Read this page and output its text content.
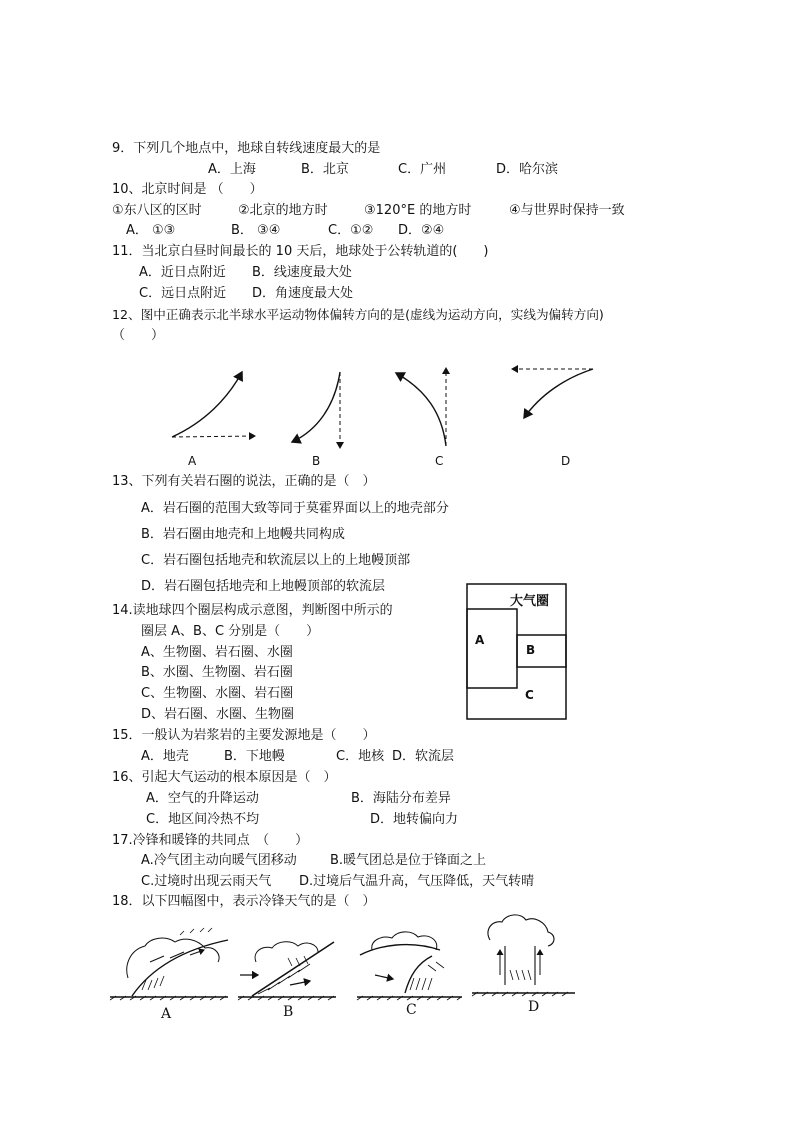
9．下列几个地点中，地球自转线速度最大的是
A．上海	B．北京	C．广州	D．哈尔滨
10、北京时间是 （　　）
①东八区的区时	②北京的地方时	③120°E 的地方时	④与世界时保持一致
A． ①③	B． ③④	C．①② D．②④
11．当北京白昼时间最长的 10 天后，地球处于公转轨道的(　　)
A．近日点附近 B．线速度最大处
C．远日点附近 D．角速度最大处
12、图中正确表示北半球水平运动物体偏转方向的是(虚线为运动方向，实线为偏转方向)
（　　）
A	B	C	D
13、下列有关岩石圈的说法，正确的是（　）
A．岩石圈的范围大致等同于莫霍界面以上的地壳部分
B．岩石圈由地壳和上地幔共同构成
C．岩石圈包括地壳和软流层以上的上地幔顶部
D．岩石圈包括地壳和上地幔顶部的软流层
14.读地球四个圈层构成示意图，判断图中所示的
圈层 A、B、C 分别是（　　）
A、生物圈、岩石圈、水圈
B、水圈、生物圈、岩石圈
C、生物圈、水圈、岩石圈
D、岩石圈、水圈、生物圈
大气圈
A
B
C
15．一般认为岩浆岩的主要发源地是（　　）
A．地壳	B．下地幔	C．地核 D．软流层
16、引起大气运动的根本原因是（　）
A．空气的升降运动	B．海陆分布差异
C．地区间冷热不均	D．地转偏向力
17.冷锋和暖锋的共同点　（　　）
A.冷气团主动向暖气团移动	B.暖气团总是位于锋面之上
C.过境时出现云雨天气 D.过境后气温升高，气压降低，天气转晴
18．以下四幅图中，表示冷锋天气的是（　）
A	B	C	D
